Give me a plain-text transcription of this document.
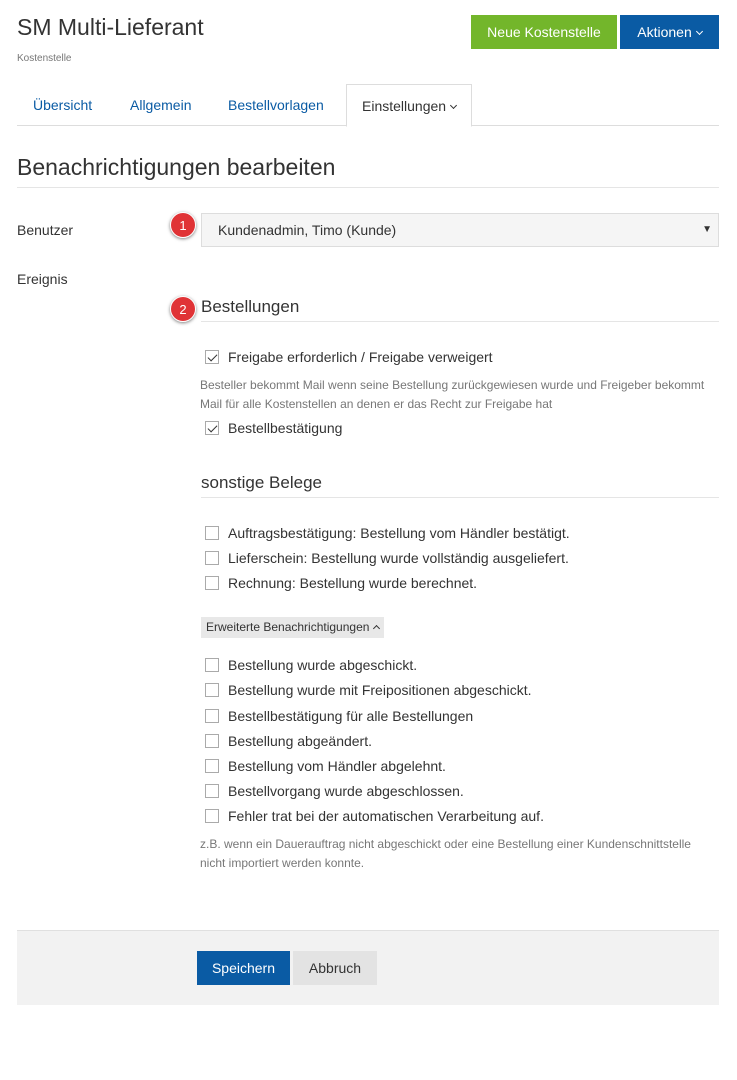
SM Multi-Lieferant
Kostenstelle
Neue Kostenstelle	Aktionen
Übersicht	Allgemein	Bestellvorlagen	Einstellungen
Benachrichtigungen bearbeiten
Benutzer	Kundenadmin, Timo (Kunde)	▼
1
Ereignis
Bestellungen
2
Freigabe erforderlich / Freigabe verweigert
Besteller bekommt Mail wenn seine Bestellung zurückgewiesen wurde und Freigeber bekommt Mail für alle Kostenstellen an denen er das Recht zur Freigabe hat
Bestellbestätigung
sonstige Belege
Auftragsbestätigung: Bestellung vom Händler bestätigt.
Lieferschein: Bestellung wurde vollständig ausgeliefert.
Rechnung: Bestellung wurde berechnet.
Erweiterte Benachrichtigungen
Bestellung wurde abgeschickt.
Bestellung wurde mit Freipositionen abgeschickt.
Bestellbestätigung für alle Bestellungen
Bestellung abgeändert.
Bestellung vom Händler abgelehnt.
Bestellvorgang wurde abgeschlossen.
Fehler trat bei der automatischen Verarbeitung auf.
z.B. wenn ein Dauerauftrag nicht abgeschickt oder eine Bestellung einer Kundenschnittstelle nicht importiert werden konnte.
Speichern	Abbruch
